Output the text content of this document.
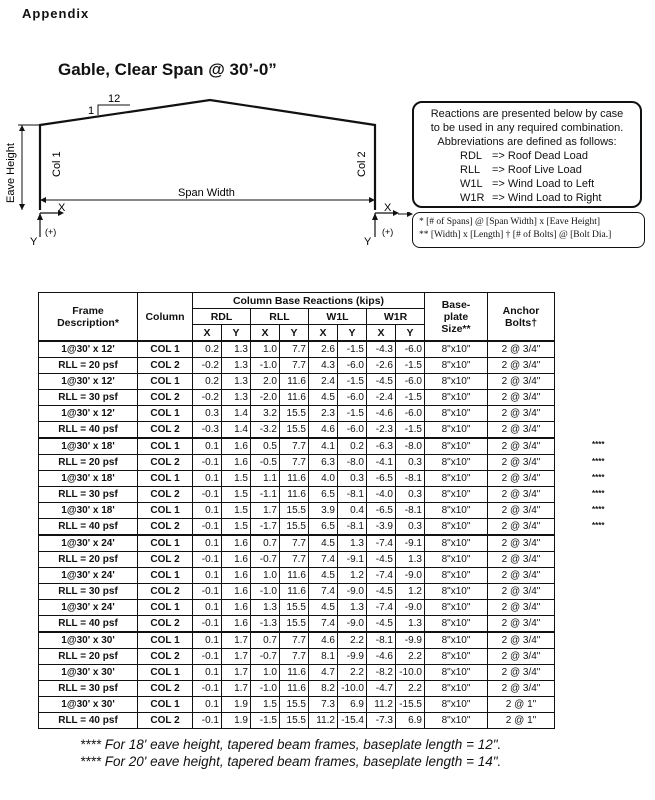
Appendix
Gable, Clear Span @ 30’-0”
12
1
Eave Height	Col 1	Col 2
Span Width
X
Y
(+)
X
Y
(+)
Reactions are presented below by case
to be used in any required combination.
Abbreviations are defined as follows:
RDL => Roof Dead Load
RLL => Roof Live Load
W1L => Wind Load to Left
W1R => Wind Load to Right
* [# of Spans] @ [Span Width] x [Eave Height]
** [Width] x [Length] † [# of Bolts] @ [Bolt Dia.]
Frame
Description*	Column	Column Base Reactions (kips)								Base-
plate
Size**	Anchor
Bolts†
		RDL		RLL		W1L		W1R			
		X	Y	X	Y	X	Y	X	Y		
1@30' x 12'	COL 1	0.2	1.3	1.0	7.7	2.6	-1.5	-4.3	-6.0	8"x10"	2 @ 3/4"
RLL = 20 psf	COL 2	-0.2	1.3	-1.0	7.7	4.3	-6.0	-2.6	-1.5	8"x10"	2 @ 3/4"
1@30' x 12'	COL 1	0.2	1.3	2.0	11.6	2.4	-1.5	-4.5	-6.0	8"x10"	2 @ 3/4"
RLL = 30 psf	COL 2	-0.2	1.3	-2.0	11.6	4.5	-6.0	-2.4	-1.5	8"x10"	2 @ 3/4"
1@30' x 12'	COL 1	0.3	1.4	3.2	15.5	2.3	-1.5	-4.6	-6.0	8"x10"	2 @ 3/4"
RLL = 40 psf	COL 2	-0.3	1.4	-3.2	15.5	4.6	-6.0	-2.3	-1.5	8"x10"	2 @ 3/4"
1@30' x 18'	COL 1	0.1	1.6	0.5	7.7	4.1	0.2	-6.3	-8.0	8"x10"	2 @ 3/4"
RLL = 20 psf	COL 2	-0.1	1.6	-0.5	7.7	6.3	-8.0	-4.1	0.3	8"x10"	2 @ 3/4"
1@30' x 18'	COL 1	0.1	1.5	1.1	11.6	4.0	0.3	-6.5	-8.1	8"x10"	2 @ 3/4"
RLL = 30 psf	COL 2	-0.1	1.5	-1.1	11.6	6.5	-8.1	-4.0	0.3	8"x10"	2 @ 3/4"
1@30' x 18'	COL 1	0.1	1.5	1.7	15.5	3.9	0.4	-6.5	-8.1	8"x10"	2 @ 3/4"
RLL = 40 psf	COL 2	-0.1	1.5	-1.7	15.5	6.5	-8.1	-3.9	0.3	8"x10"	2 @ 3/4"
1@30' x 24'	COL 1	0.1	1.6	0.7	7.7	4.5	1.3	-7.4	-9.1	8"x10"	2 @ 3/4"
RLL = 20 psf	COL 2	-0.1	1.6	-0.7	7.7	7.4	-9.1	-4.5	1.3	8"x10"	2 @ 3/4"
1@30' x 24'	COL 1	0.1	1.6	1.0	11.6	4.5	1.2	-7.4	-9.0	8"x10"	2 @ 3/4"
RLL = 30 psf	COL 2	-0.1	1.6	-1.0	11.6	7.4	-9.0	-4.5	1.2	8"x10"	2 @ 3/4"
1@30' x 24'	COL 1	0.1	1.6	1.3	15.5	4.5	1.3	-7.4	-9.0	8"x10"	2 @ 3/4"
RLL = 40 psf	COL 2	-0.1	1.6	-1.3	15.5	7.4	-9.0	-4.5	1.3	8"x10"	2 @ 3/4"
1@30' x 30'	COL 1	0.1	1.7	0.7	7.7	4.6	2.2	-8.1	-9.9	8"x10"	2 @ 3/4"
RLL = 20 psf	COL 2	-0.1	1.7	-0.7	7.7	8.1	-9.9	-4.6	2.2	8"x10"	2 @ 3/4"
1@30' x 30'	COL 1	0.1	1.7	1.0	11.6	4.7	2.2	-8.2	-10.0	8"x10"	2 @ 3/4"
RLL = 30 psf	COL 2	-0.1	1.7	-1.0	11.6	8.2	-10.0	-4.7	2.2	8"x10"	2 @ 3/4"
1@30' x 30'	COL 1	0.1	1.9	1.5	15.5	7.3	6.9	11.2	-15.5	8"x10"	2 @ 1"
RLL = 40 psf	COL 2	-0.1	1.9	-1.5	15.5	11.2	-15.4	-7.3	6.9	8"x10"	2 @ 1"
****
****
****
****
****
****
**** For 18' eave height, tapered beam frames, baseplate length = 12".
**** For 20' eave height, tapered beam frames, baseplate length = 14".
